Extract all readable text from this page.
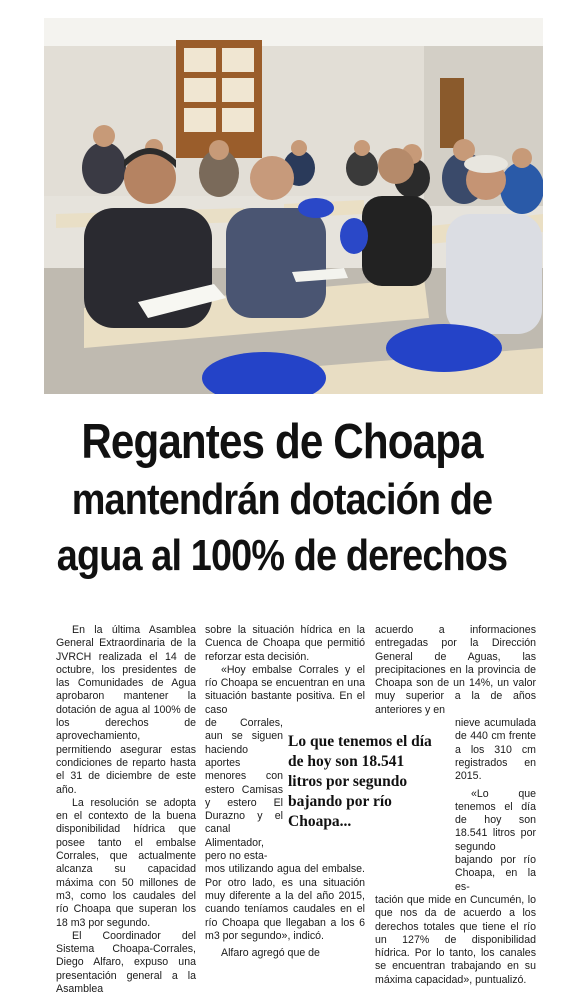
Regantes de Choapa
mantendrán dotación de
agua al 100% de derechos

En la última Asamblea General Extraordinaria de la JVRCH realizada el 14 de octubre, los presidentes de las Comunidades de Agua aprobaron mantener la dotación de agua al 100% de los derechos de aprovechamiento, permitiendo asegurar estas condiciones de reparto hasta el 31 de diciembre de este año.

La resolución se adopta en el contexto de la buena disponibilidad hídrica que posee tanto el embalse Corrales, que actualmente alcanza su capacidad máxima con 50 millones de m3, como los caudales del río Choapa que superan los 18 m3 por segundo.

El Coordinador del Sistema Choapa-Corrales, Diego Alfaro, expuso una presentación general a la Asamblea

sobre la situación hídrica en la Cuenca de Choapa que permitió reforzar esta decisión.

«Hoy embalse Corrales y el río Choapa se encuentran en una situación bastante positiva. En el caso

de Corrales, aun se siguen haciendo aportes menores con estero Camisas y estero El Durazno y el canal Alimentador, pero no esta-

mos utilizando agua del embalse. Por otro lado, es una situación muy diferente a la del año 2015, cuando teníamos caudales en el río Choapa que llegaban a los 6 m3 por segundo», indicó.

Alfaro agregó que de

Lo que tenemos el día de hoy son 18.541 litros por segundo bajando por río Choapa...

acuerdo a informaciones entregadas por la Dirección General de Aguas, las precipitaciones en la provincia de Choapa son de un 14%, un valor muy superior a la de años anteriores y en

nieve acumulada de 440 cm frente a los 310 cm registrados en 2015.

«Lo que tenemos el día de hoy son 18.541 litros por segundo bajando por río Choapa, en la es-

tación que mide en Cuncumén, lo que nos da de acuerdo a los derechos totales que tiene el río un 127% de disponibilidad hídrica. Por lo tanto, los canales se encuentran trabajando en su máxima capacidad», puntualizó.
